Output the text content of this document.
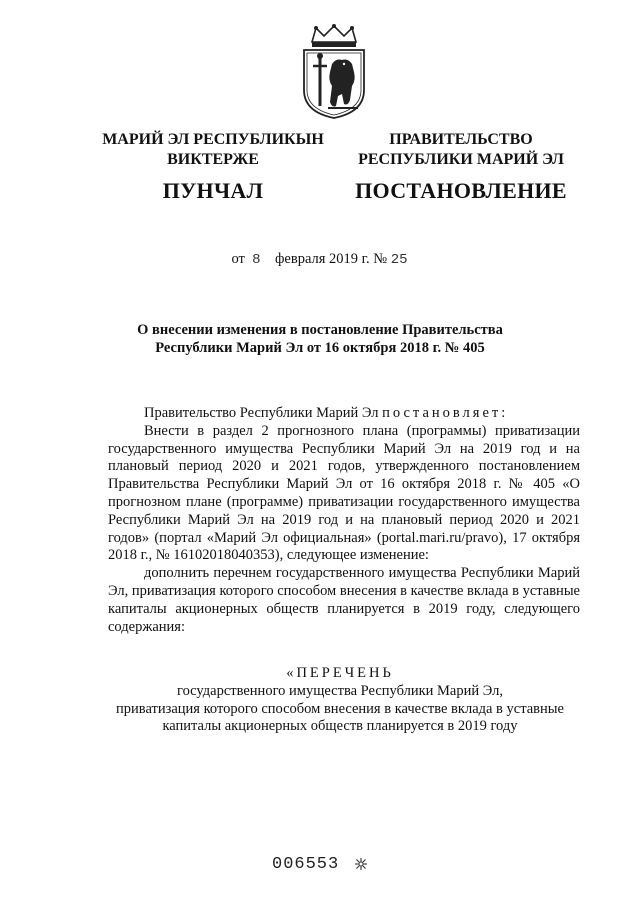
МАРИЙ ЭЛ РЕСПУБЛИКЫН
ВИКТЕРЖЕ
ПУНЧАЛ
ПРАВИТЕЛЬСТВО
РЕСПУБЛИКИ МАРИЙ ЭЛ
ПОСТАНОВЛЕНИЕ
от 8 февраля 2019 г. № 25
О внесении изменения в постановление Правительства
Республики Марий Эл от 16 октября 2018 г. № 405

Правительство Республики Марий Эл постановляет:

Внести в раздел 2 прогнозного плана (программы) приватизации государственного имущества Республики Марий Эл на 2019 год и на плановый период 2020 и 2021 годов, утвержденного постановлением Правительства Республики Марий Эл от 16 октября 2018 г. № 405 «О прогнозном плане (программе) приватизации государственного имущества Республики Марий Эл на 2019 год и на плановый период 2020 и 2021 годов» (портал «Марий Эл официальная» (portal.mari.ru/pravo), 17 октября 2018 г., № 16102018040353), следующее изменение:

дополнить перечнем государственного имущества Республики Марий Эл, приватизация которого способом внесения в качестве вклада в уставные капиталы акционерных обществ планируется в 2019 году, следующего содержания:

«ПЕРЕЧЕНЬ
государственного имущества Республики Марий Эл,
приватизация которого способом внесения в качестве вклада в уставные
капиталы акционерных обществ планируется в 2019 году
006553
